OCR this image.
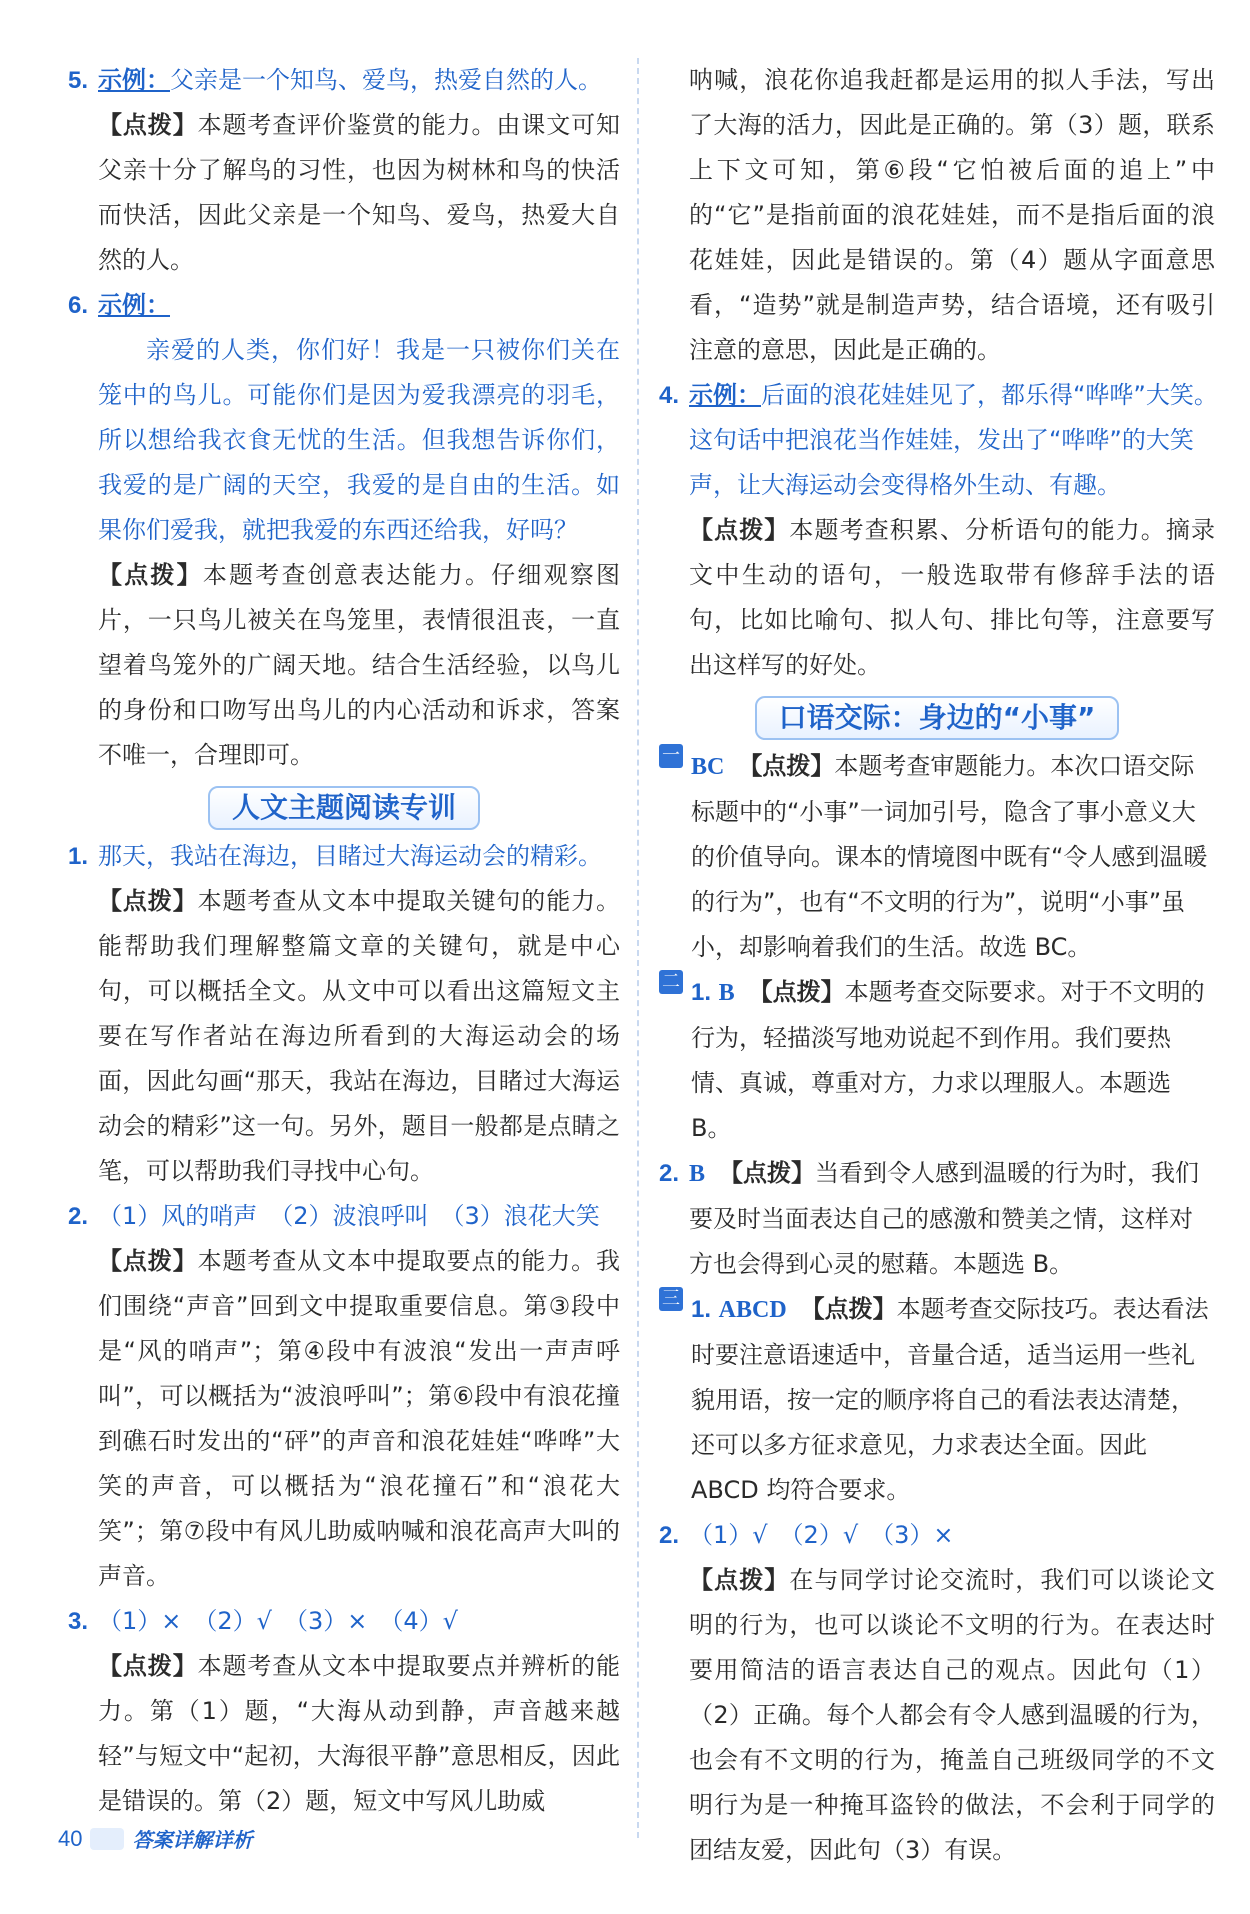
5. 示例：父亲是一个知鸟、爱鸟，热爱自然的人。

【点拨】本题考查评价鉴赏的能力。由课文可知父亲十分了解鸟的习性，也因为树林和鸟的快活而快活，因此父亲是一个知鸟、爱鸟，热爱大自然的人。

6. 示例：

亲爱的人类，你们好！我是一只被你们关在笼中的鸟儿。可能你们是因为爱我漂亮的羽毛，所以想给我衣食无忧的生活。但我想告诉你们，我爱的是广阔的天空，我爱的是自由的生活。如果你们爱我，就把我爱的东西还给我，好吗？

【点拨】本题考查创意表达能力。仔细观察图片，一只鸟儿被关在鸟笼里，表情很沮丧，一直望着鸟笼外的广阔天地。结合生活经验，以鸟儿的身份和口吻写出鸟儿的内心活动和诉求，答案不唯一，合理即可。

人文主题阅读专训
1. 那天，我站在海边，目睹过大海运动会的精彩。

【点拨】本题考查从文本中提取关键句的能力。能帮助我们理解整篇文章的关键句，就是中心句，可以概括全文。从文中可以看出这篇短文主要在写作者站在海边所看到的大海运动会的场面，因此勾画“那天，我站在海边，目睹过大海运动会的精彩”这一句。另外，题目一般都是点睛之笔，可以帮助我们寻找中心句。

2. （1）风的哨声　（2）波浪呼叫　（3）浪花大笑

【点拨】本题考查从文本中提取要点的能力。我们围绕“声音”回到文中提取重要信息。第③段中是“风的哨声”；第④段中有波浪“发出一声声呼叫”，可以概括为“波浪呼叫”；第⑥段中有浪花撞到礁石时发出的“砰”的声音和浪花娃娃“哗哗”大笑的声音，可以概括为“浪花撞石”和“浪花大笑”；第⑦段中有风儿助威呐喊和浪花高声大叫的声音。

3. （1）×　（2）√　（3）×　（4）√

【点拨】本题考查从文本中提取要点并辨析的能力。第（1）题，“大海从动到静，声音越来越轻”与短文中“起初，大海很平静”意思相反，因此是错误的。第（2）题，短文中写风儿助威

呐喊，浪花你追我赶都是运用的拟人手法，写出了大海的活力，因此是正确的。第（3）题，联系上下文可知，第⑥段“它怕被后面的追上”中的“它”是指前面的浪花娃娃，而不是指后面的浪花娃娃，因此是错误的。第（4）题从字面意思看，“造势”就是制造声势，结合语境，还有吸引注意的意思，因此是正确的。

4. 示例：后面的浪花娃娃见了，都乐得“哗哗”大笑。　这句话中把浪花当作娃娃，发出了“哗哗”的大笑声，让大海运动会变得格外生动、有趣。

【点拨】本题考查积累、分析语句的能力。摘录文中生动的语句，一般选取带有修辞手法的语句，比如比喻句、拟人句、排比句等，注意要写出这样写的好处。

口语交际：身边的“小事”
一 BC 【点拨】本题考查审题能力。本次口语交际标题中的“小事”一词加引号，隐含了事小意义大的价值导向。课本的情境图中既有“令人感到温暖的行为”，也有“不文明的行为”，说明“小事”虽小，却影响着我们的生活。故选 BC。
二 1. B 【点拨】本题考查交际要求。对于不文明的行为，轻描淡写地劝说起不到作用。我们要热情、真诚，尊重对方，力求以理服人。本题选 B。
2. B 【点拨】当看到令人感到温暖的行为时，我们要及时当面表达自己的感激和赞美之情，这样对方也会得到心灵的慰藉。本题选 B。
三 1. ABCD 【点拨】本题考查交际技巧。表达看法时要注意语速适中，音量合适，适当运用一些礼貌用语，按一定的顺序将自己的看法表达清楚，还可以多方征求意见，力求表达全面。因此 ABCD 均符合要求。
2. （1）√　（2）√　（3）×

【点拨】在与同学讨论交流时，我们可以谈论文明的行为，也可以谈论不文明的行为。在表达时要用简洁的语言表达自己的观点。因此句（1）（2）正确。每个人都会有令人感到温暖的行为，也会有不文明的行为，掩盖自己班级同学的不文明行为是一种掩耳盗铃的做法，不会利于同学的团结友爱，因此句（3）有误。

40	答案详解详析
